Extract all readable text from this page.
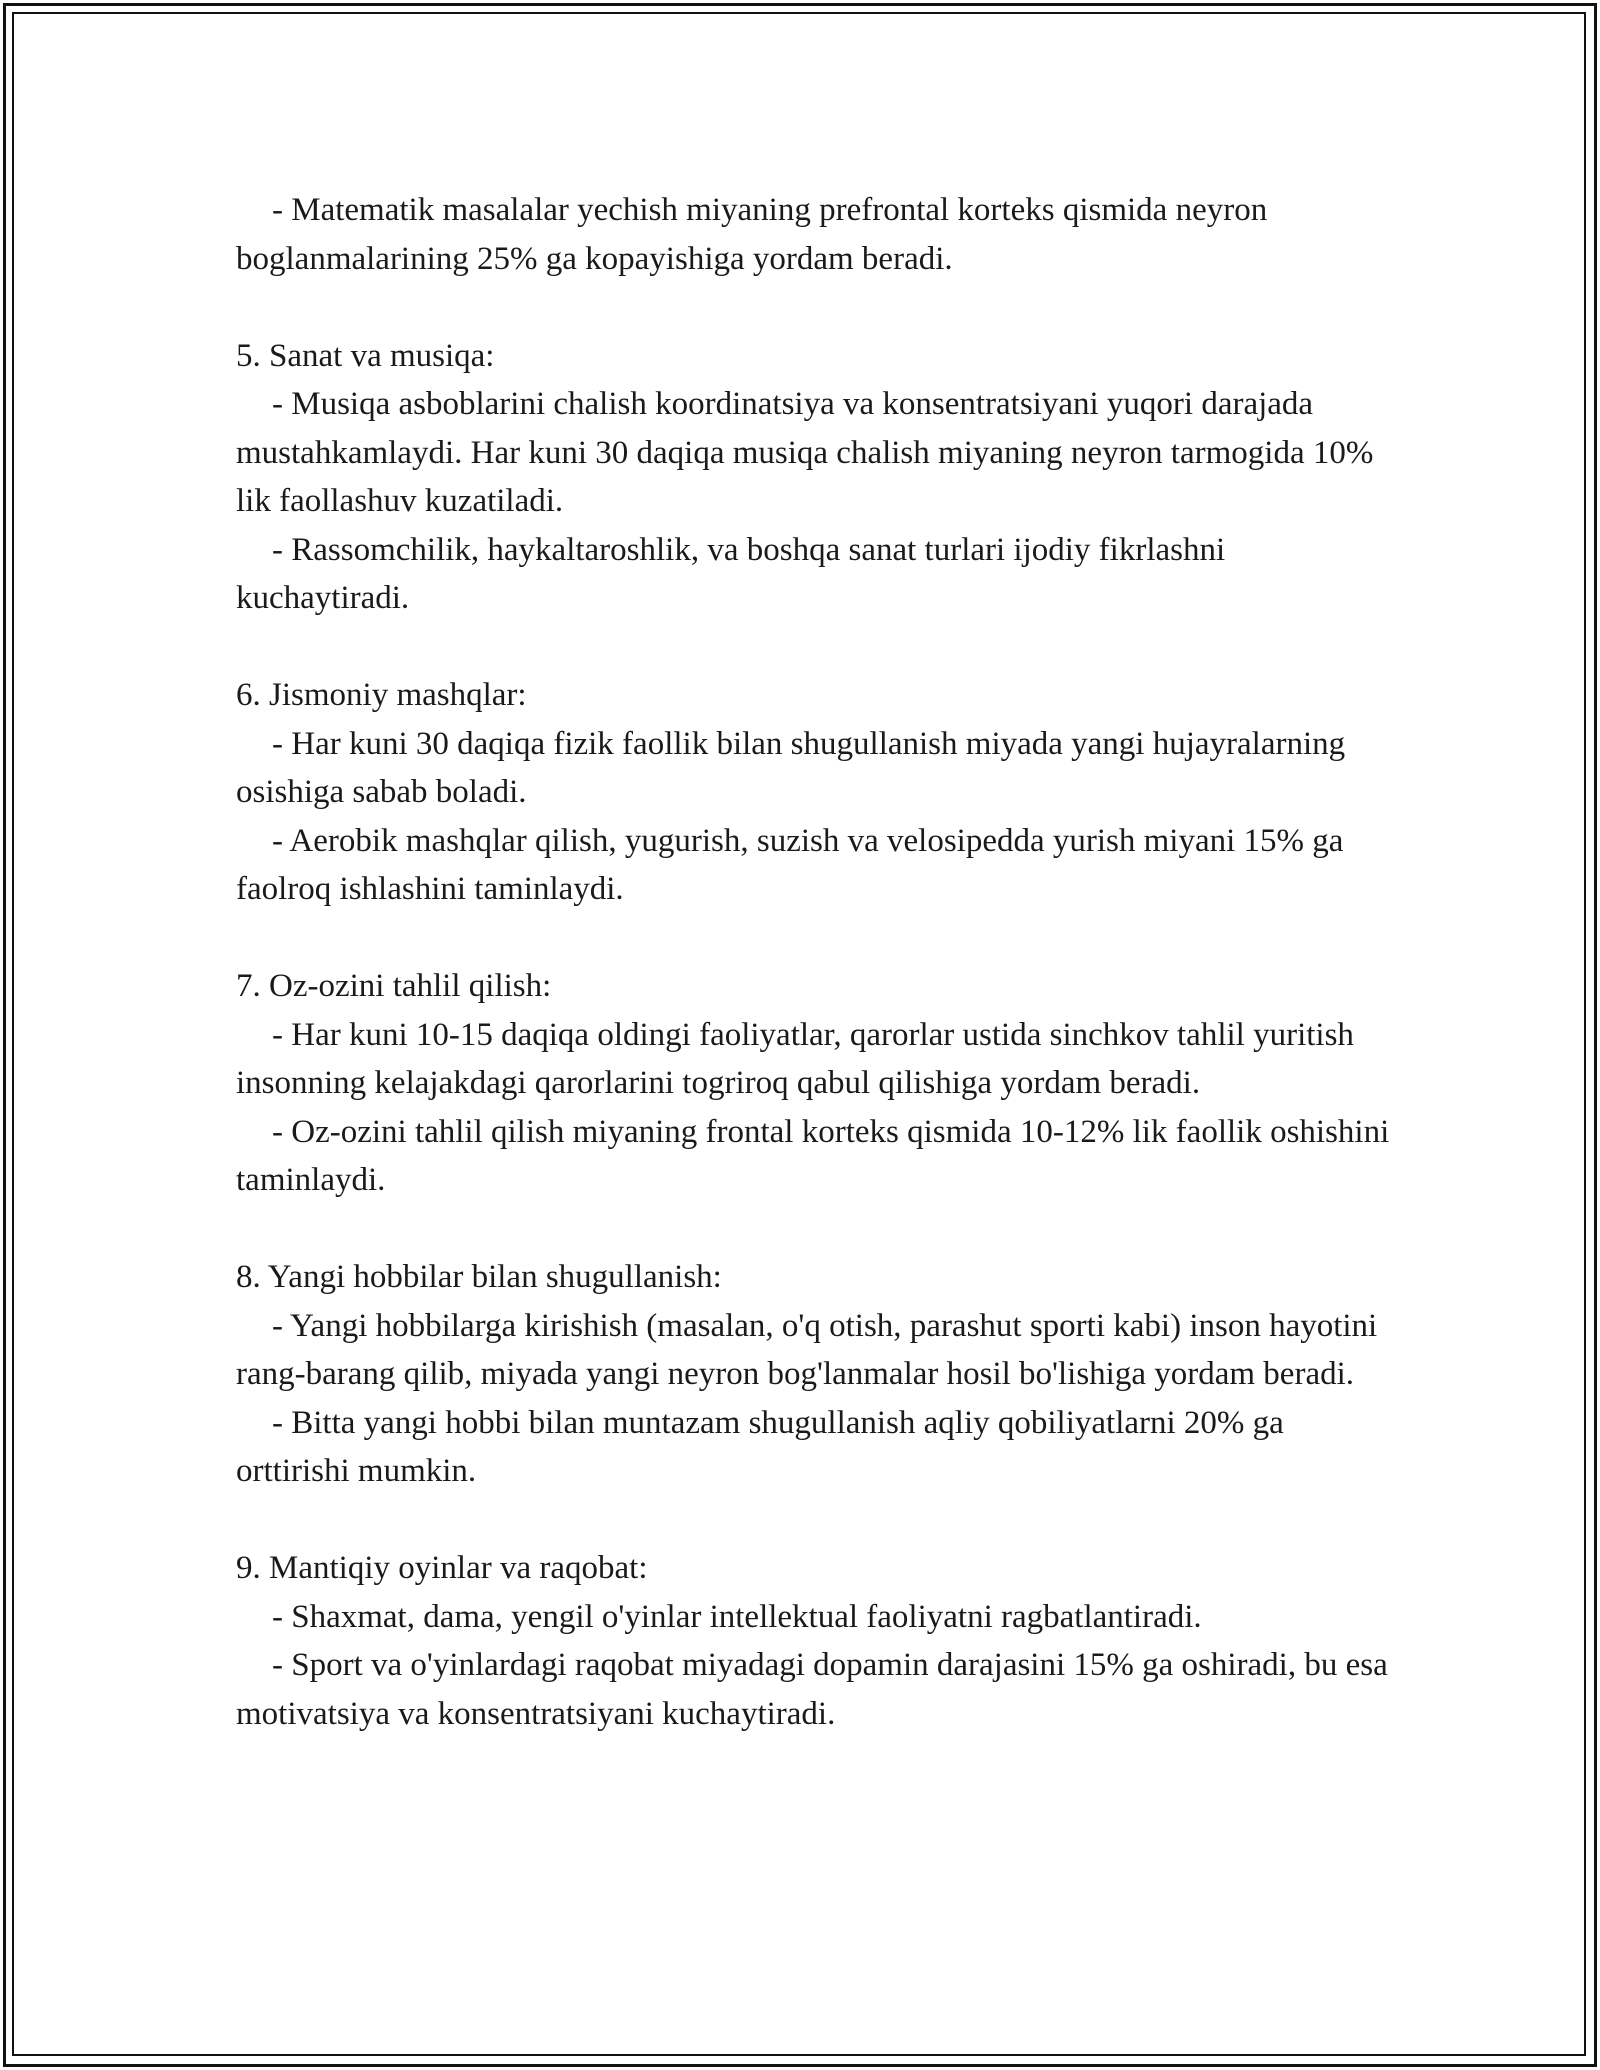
- Matematik masalalar yechish miyaning prefrontal korteks qismida neyron boglanmalarining 25% ga kopayishiga yordam beradi.

5. Sanat va musiqa:

- Musiqa asboblarini chalish koordinatsiya va konsentratsiyani yuqori darajada mustahkamlaydi. Har kuni 30 daqiqa musiqa chalish miyaning neyron tarmogida 10% lik faollashuv kuzatiladi.

- Rassomchilik, haykaltaroshlik, va boshqa sanat turlari ijodiy fikrlashni kuchaytiradi.

6. Jismoniy mashqlar:

- Har kuni 30 daqiqa fizik faollik bilan shugullanish miyada yangi hujayralarning osishiga sabab boladi.

- Aerobik mashqlar qilish, yugurish, suzish va velosipedda yurish miyani 15% ga faolroq ishlashini taminlaydi.

7. Oz-ozini tahlil qilish:

- Har kuni 10-15 daqiqa oldingi faoliyatlar, qarorlar ustida sinchkov tahlil yuritish insonning kelajakdagi qarorlarini togriroq qabul qilishiga yordam beradi.

- Oz-ozini tahlil qilish miyaning frontal korteks qismida 10-12% lik faollik oshishini taminlaydi.

8. Yangi hobbilar bilan shugullanish:

- Yangi hobbilarga kirishish (masalan, o'q otish, parashut sporti kabi) inson hayotini rang-barang qilib, miyada yangi neyron bog'lanmalar hosil bo'lishiga yordam beradi.

- Bitta yangi hobbi bilan muntazam shugullanish aqliy qobiliyatlarni 20% ga orttirishi mumkin.

9. Mantiqiy oyinlar va raqobat:

- Shaxmat, dama, yengil o'yinlar intellektual faoliyatni ragbatlantiradi.

- Sport va o'yinlardagi raqobat miyadagi dopamin darajasini 15% ga oshiradi, bu esa motivatsiya va konsentratsiyani kuchaytiradi.
